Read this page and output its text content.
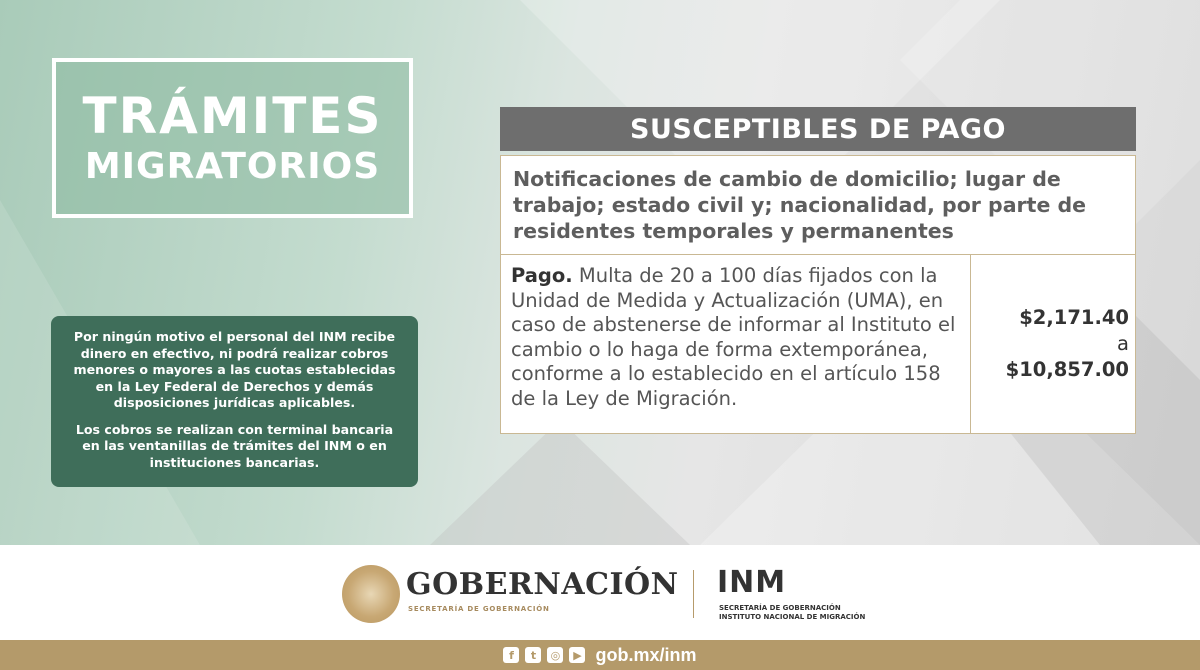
TRÁMITES
MIGRATORIOS

Por ningún motivo el personal del INM recibe dinero en efectivo, ni podrá realizar cobros menores o mayores a las cuotas establecidas en la Ley Federal de Derechos y demás disposiciones jurídicas aplicables.

Los cobros se realizan con terminal bancaria en las ventanillas de trámites del INM o en instituciones bancarias.

SUSCEPTIBLES DE PAGO
Notificaciones de cambio de domicilio; lugar de trabajo; estado civil y; nacionalidad, por parte de residentes temporales y permanentes
Pago. Multa de 20 a 100 días fijados con la Unidad de Medida y Actualización (UMA), en caso de abstenerse de informar al Instituto el cambio o lo haga de forma extemporánea, conforme a lo establecido en el artículo 158 de la Ley de Migración.
$2,171.40
a
$10,857.00
GOBERNACIÓN
SECRETARÍA DE GOBERNACIÓN
INM
SECRETARÍA DE GOBERNACIÓN
INSTITUTO NACIONAL DE MIGRACIÓN
f	t	◎	▶ gob.mx/inm
